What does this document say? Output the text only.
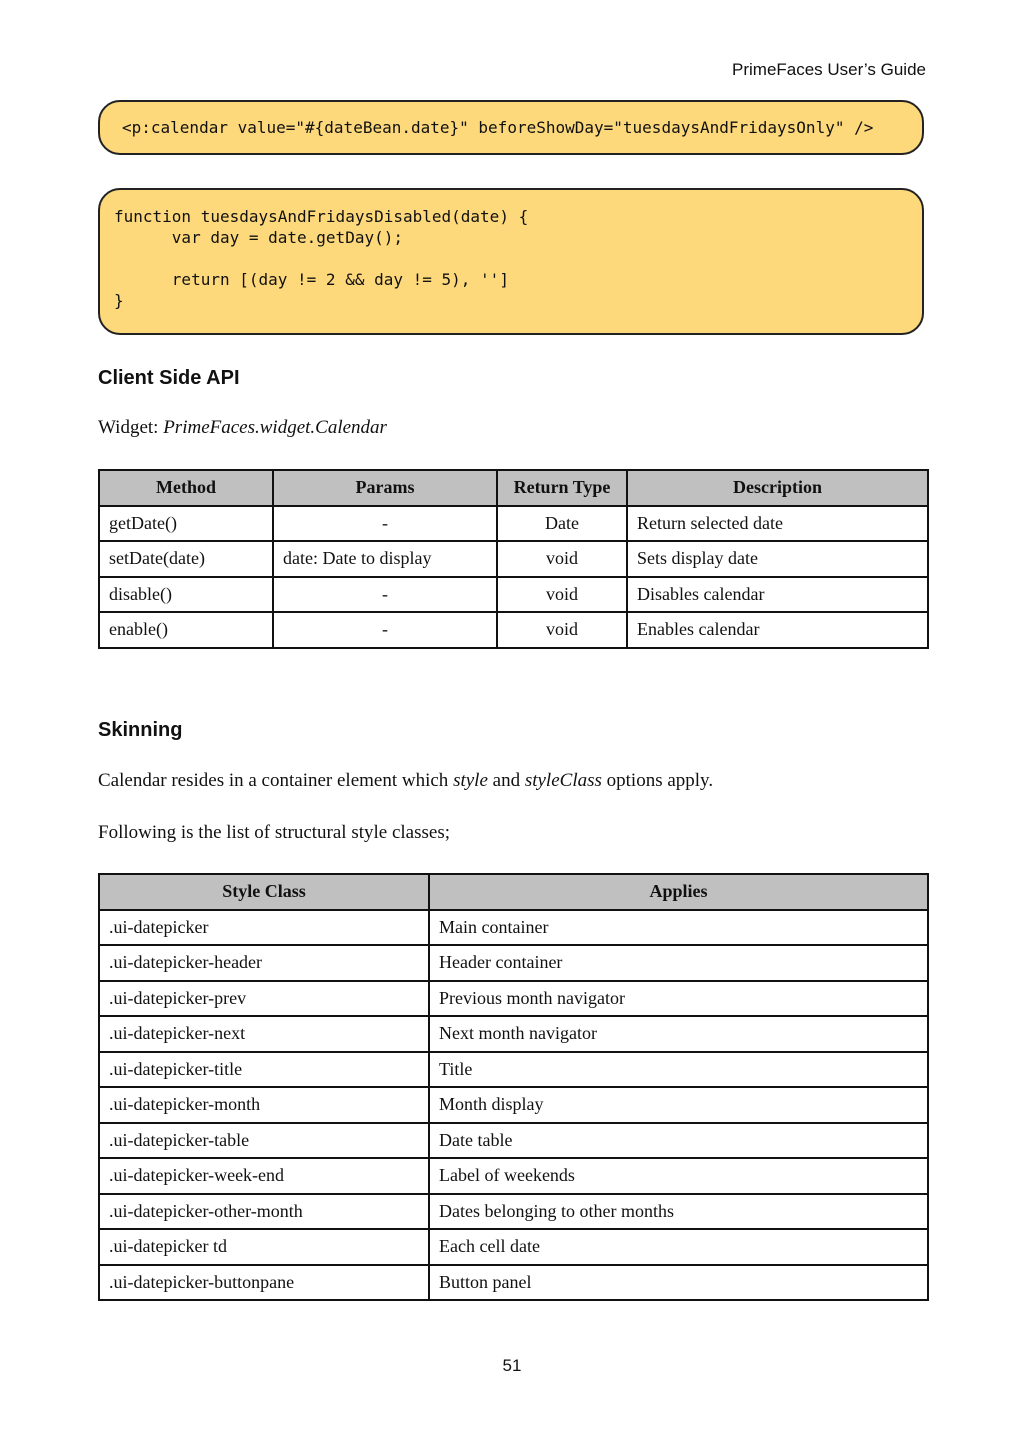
PrimeFaces User’s Guide
<p:calendar value="#{dateBean.date}" beforeShowDay="tuesdaysAndFridaysOnly" />
function tuesdaysAndFridaysDisabled(date) {
var day = date.getDay();

return [(day != 2 && day != 5), '']
}
Client Side API
Widget: PrimeFaces.widget.Calendar
Method	Params	Return Type	Description
getDate()	-	Date	Return selected date
setDate(date)	date: Date to display	void	Sets display date
disable()	-	void	Disables calendar
enable()	-	void	Enables calendar
Skinning
Calendar resides in a container element which style and styleClass options apply.
Following is the list of structural style classes;
Style Class	Applies
.ui-datepicker	Main container
.ui-datepicker-header	Header container
.ui-datepicker-prev	Previous month navigator
.ui-datepicker-next	Next month navigator
.ui-datepicker-title	Title
.ui-datepicker-month	Month display
.ui-datepicker-table	Date table
.ui-datepicker-week-end	Label of weekends
.ui-datepicker-other-month	Dates belonging to other months
.ui-datepicker td	Each cell date
.ui-datepicker-buttonpane	Button panel
51
